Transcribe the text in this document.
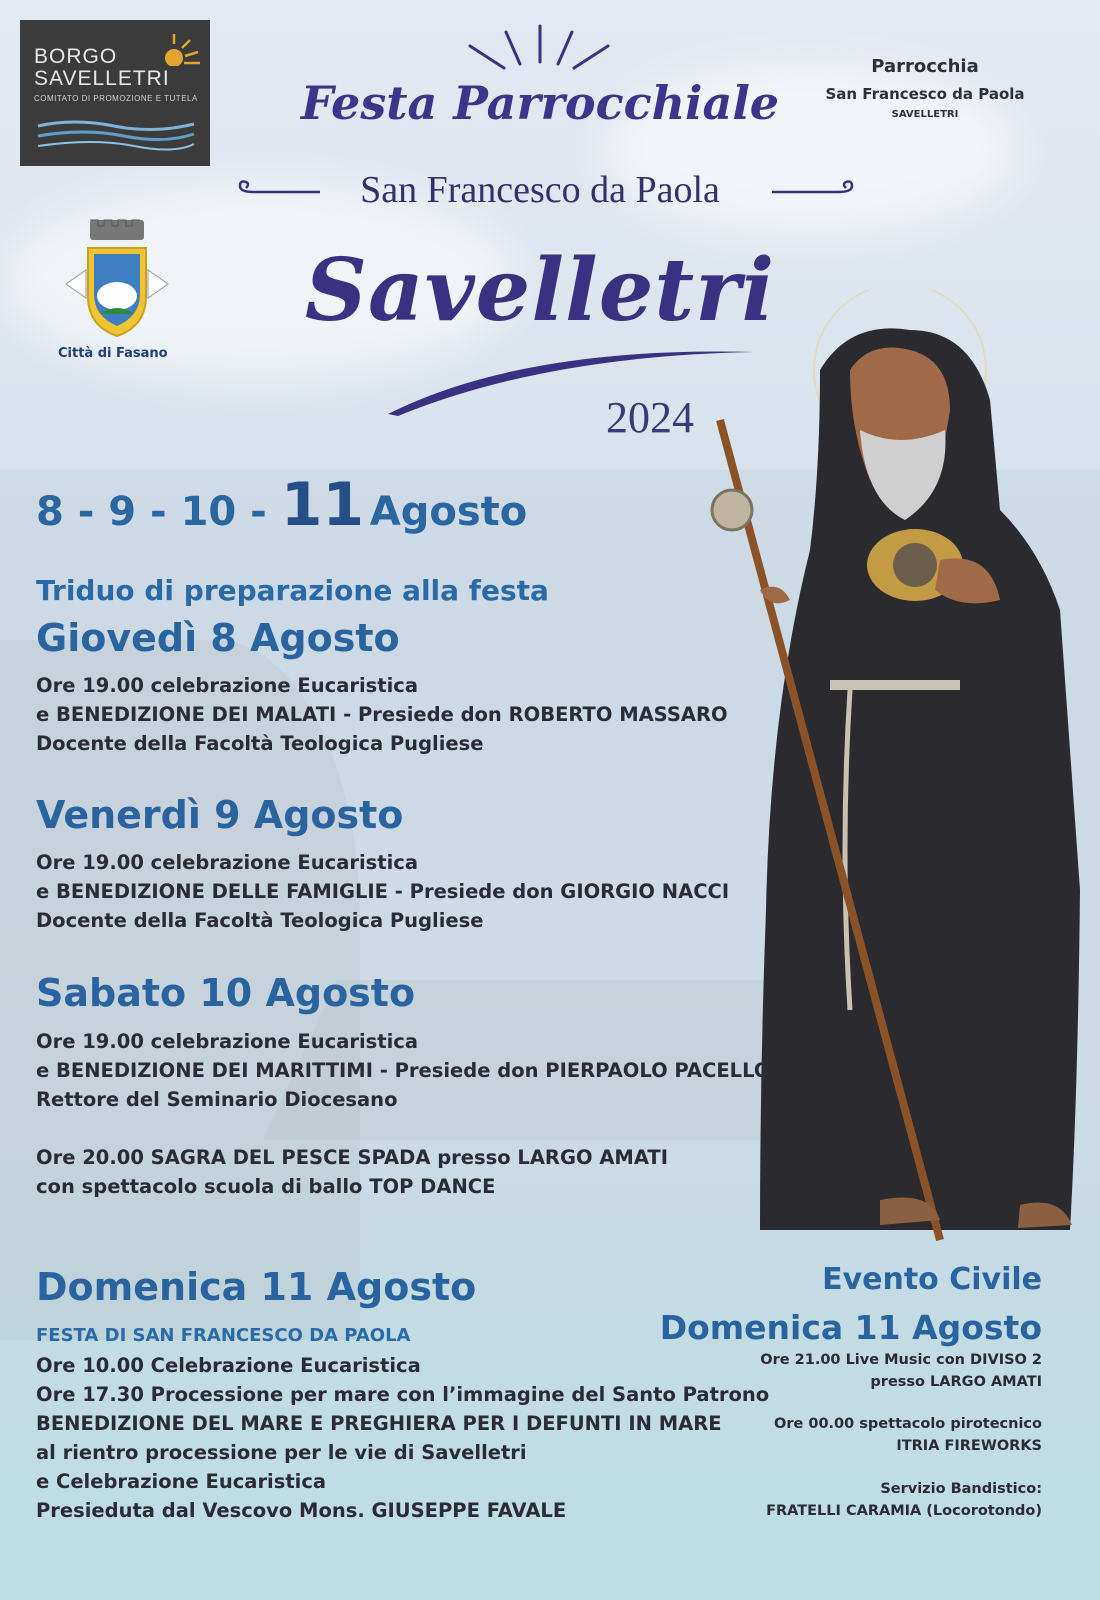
BORGO
SAVELLETRI
COMITATO DI PROMOZIONE E TUTELA
Città di Fasano
Parrocchia
San Francesco da Paola
SAVELLETRI
Festa Parrocchiale
San Francesco da Paola
Savelletri
2024
8 - 9 - 10 - 11 Agosto
Triduo di preparazione alla festa
Giovedì 8 Agosto
Ore 19.00 celebrazione Eucaristica
e BENEDIZIONE DEI MALATI - Presiede don ROBERTO MASSARO
Docente della Facoltà Teologica Pugliese
Venerdì 9 Agosto
Ore 19.00 celebrazione Eucaristica
e BENEDIZIONE DELLE FAMIGLIE - Presiede don GIORGIO NACCI
Docente della Facoltà Teologica Pugliese
Sabato 10 Agosto
Ore 19.00 celebrazione Eucaristica
e BENEDIZIONE DEI MARITTIMI - Presiede don PIERPAOLO PACELLO
Rettore del Seminario Diocesano
Ore 20.00 SAGRA DEL PESCE SPADA presso LARGO AMATI
con spettacolo scuola di ballo TOP DANCE
Domenica 11 Agosto
FESTA DI SAN FRANCESCO DA PAOLA
Ore 10.00 Celebrazione Eucaristica
Ore 17.30 Processione per mare con l’immagine del Santo Patrono
BENEDIZIONE DEL MARE E PREGHIERA PER I DEFUNTI IN MARE
al rientro processione per le vie di Savelletri
e Celebrazione Eucaristica
Presieduta dal Vescovo Mons. GIUSEPPE FAVALE
Evento Civile
Domenica 11 Agosto
Ore 21.00 Live Music con DIVISO 2
presso LARGO AMATI
Ore 00.00 spettacolo pirotecnico
ITRIA FIREWORKS
Servizio Bandistico:
FRATELLI CARAMIA (Locorotondo)
